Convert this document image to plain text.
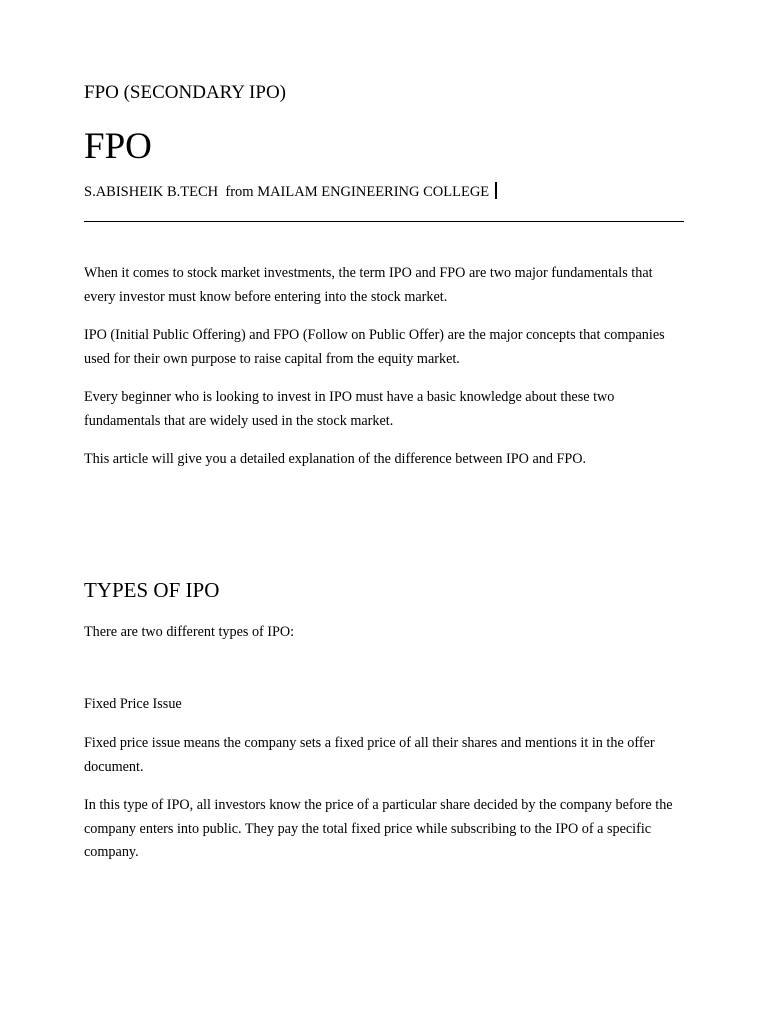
FPO (SECONDARY IPO)
FPO

S.ABISHEIK B.TECH  from MAILAM ENGINEERING COLLEGE

When it comes to stock market investments, the term IPO and FPO are two major fundamentals that every investor must know before entering into the stock market.

IPO (Initial Public Offering) and FPO (Follow on Public Offer) are the major concepts that companies used for their own purpose to raise capital from the equity market.

Every beginner who is looking to invest in IPO must have a basic knowledge about these two fundamentals that are widely used in the stock market.

This article will give you a detailed explanation of the difference between IPO and FPO.

TYPES OF IPO

There are two different types of IPO:

Fixed Price Issue

Fixed price issue means the company sets a fixed price of all their shares and mentions it in the offer document.

In this type of IPO, all investors know the price of a particular share decided by the company before the company enters into public. They pay the total fixed price while subscribing to the IPO of a specific company.
